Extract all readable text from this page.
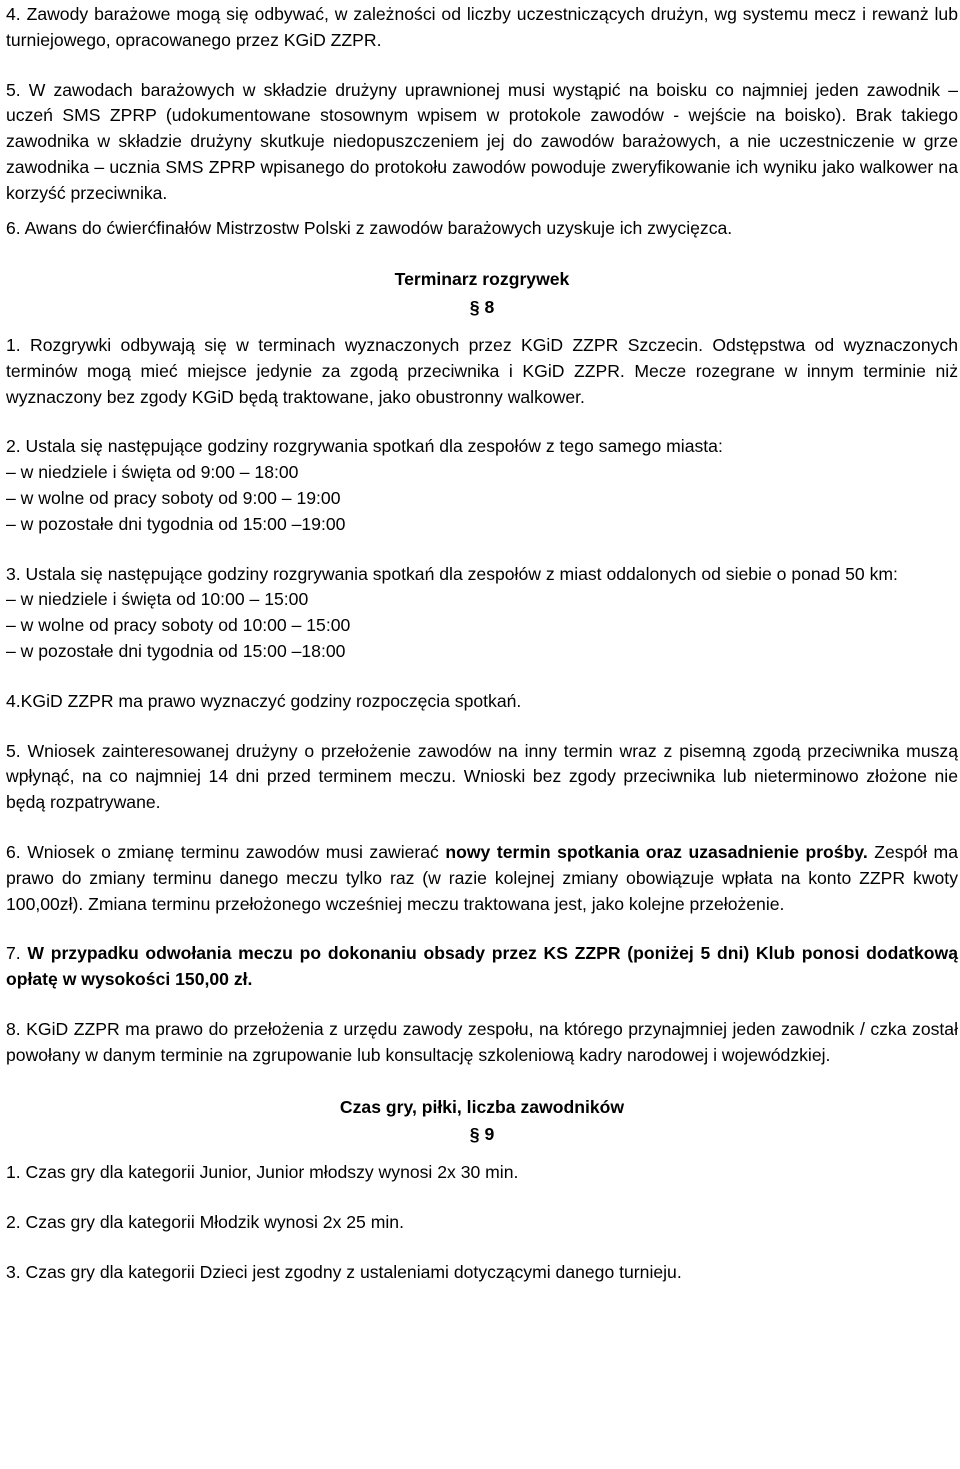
4. Zawody barażowe mogą się odbywać, w zależności od liczby uczestniczących drużyn, wg systemu mecz i rewanż lub turniejowego, opracowanego przez KGiD ZZPR.

5. W zawodach barażowych w składzie drużyny uprawnionej musi wystąpić na boisku co najmniej jeden zawodnik – uczeń SMS ZPRP (udokumentowane stosownym wpisem w protokole zawodów - wejście na boisko). Brak takiego zawodnika w składzie drużyny skutkuje niedopuszczeniem jej do zawodów barażowych, a nie uczestniczenie w grze zawodnika – ucznia SMS ZPRP wpisanego do protokołu zawodów powoduje zweryfikowanie ich wyniku jako walkower na korzyść przeciwnika.

6. Awans do ćwierćfinałów Mistrzostw Polski z zawodów barażowych uzyskuje ich zwycięzca.

Terminarz rozgrywek

§ 8

1. Rozgrywki odbywają się w terminach wyznaczonych przez KGiD ZZPR Szczecin. Odstępstwa od wyznaczonych terminów mogą mieć miejsce jedynie za zgodą przeciwnika i KGiD ZZPR. Mecze rozegrane w innym terminie niż wyznaczony bez zgody KGiD będą traktowane, jako obustronny walkower.

2. Ustala się następujące godziny rozgrywania spotkań dla zespołów z tego samego miasta:

– w niedziele i święta od 9:00 – 18:00

– w wolne od pracy soboty od 9:00 – 19:00

– w pozostałe dni tygodnia od 15:00 –19:00

3. Ustala się następujące godziny rozgrywania spotkań dla zespołów z miast oddalonych od siebie o ponad 50 km:

– w niedziele i święta od 10:00 – 15:00

– w wolne od pracy soboty od 10:00 – 15:00

– w pozostałe dni tygodnia od 15:00 –18:00

4.KGiD ZZPR ma prawo wyznaczyć godziny rozpoczęcia spotkań.

5. Wniosek zainteresowanej drużyny o przełożenie zawodów na inny termin wraz z pisemną zgodą przeciwnika muszą wpłynąć, na co najmniej 14 dni przed terminem meczu. Wnioski bez zgody przeciwnika lub nieterminowo złożone nie będą rozpatrywane.

6. Wniosek o zmianę terminu zawodów musi zawierać nowy termin spotkania oraz uzasadnienie prośby. Zespół ma prawo do zmiany terminu danego meczu tylko raz (w razie kolejnej zmiany obowiązuje wpłata na konto ZZPR kwoty 100,00zł). Zmiana terminu przełożonego wcześniej meczu traktowana jest, jako kolejne przełożenie.

7. W przypadku odwołania meczu po dokonaniu obsady przez KS ZZPR (poniżej 5 dni) Klub ponosi dodatkową opłatę w wysokości 150,00 zł.

8. KGiD ZZPR ma prawo do przełożenia z urzędu zawody zespołu, na którego przynajmniej jeden zawodnik / czka został powołany w danym terminie na zgrupowanie lub konsultację szkoleniową kadry narodowej i wojewódzkiej.

Czas gry, piłki, liczba zawodników

§ 9

1. Czas gry dla kategorii Junior, Junior młodszy wynosi 2x 30 min.

2. Czas gry dla kategorii Młodzik wynosi 2x 25 min.

3. Czas gry dla kategorii Dzieci jest zgodny z ustaleniami dotyczącymi danego turnieju.
